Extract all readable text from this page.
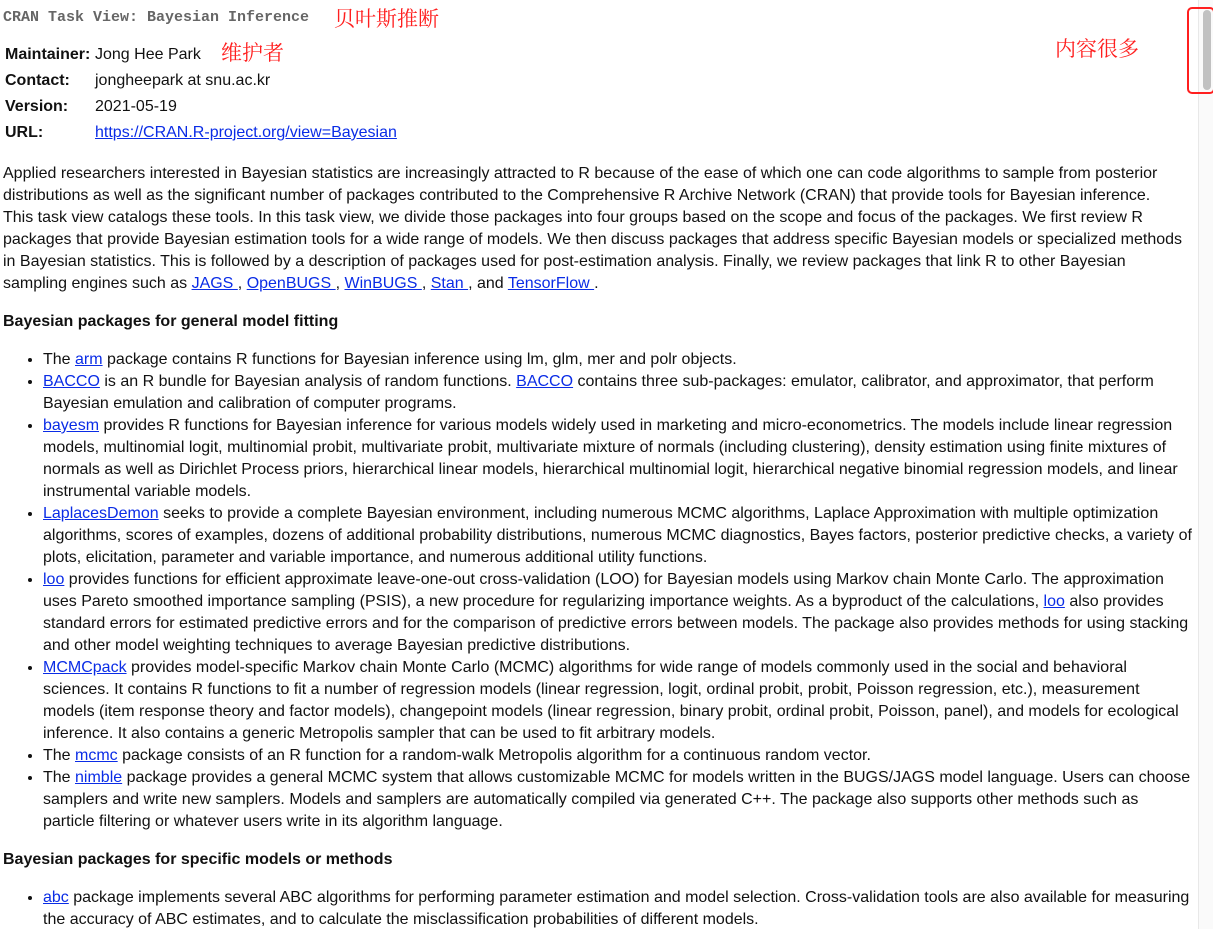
CRAN Task View: Bayesian Inference
Maintainer:	Jong Hee Park
Contact:	jongheepark at snu.ac.kr
Version:	2021-05-19
URL:	https://CRAN.R-project.org/view=Bayesian

Applied researchers interested in Bayesian statistics are increasingly attracted to R because of the ease of which one can code algorithms to sample from posterior distributions as well as the significant number of packages contributed to the Comprehensive R Archive Network (CRAN) that provide tools for Bayesian inference. This task view catalogs these tools. In this task view, we divide those packages into four groups based on the scope and focus of the packages. We first review R packages that provide Bayesian estimation tools for a wide range of models. We then discuss packages that address specific Bayesian models or specialized methods in Bayesian statistics. This is followed by a description of packages used for post-estimation analysis. Finally, we review packages that link R to other Bayesian sampling engines such as JAGS , OpenBUGS , WinBUGS , Stan , and TensorFlow .

Bayesian packages for general model fitting
• The arm package contains R functions for Bayesian inference using lm, glm, mer and polr objects.
• BACCO is an R bundle for Bayesian analysis of random functions. BACCO contains three sub-packages: emulator, calibrator, and approximator, that perform Bayesian emulation and calibration of computer programs.
• bayesm provides R functions for Bayesian inference for various models widely used in marketing and micro-econometrics. The models include linear regression models, multinomial logit, multinomial probit, multivariate probit, multivariate mixture of normals (including clustering), density estimation using finite mixtures of normals as well as Dirichlet Process priors, hierarchical linear models, hierarchical multinomial logit, hierarchical negative binomial regression models, and linear instrumental variable models.
• LaplacesDemon seeks to provide a complete Bayesian environment, including numerous MCMC algorithms, Laplace Approximation with multiple optimization algorithms, scores of examples, dozens of additional probability distributions, numerous MCMC diagnostics, Bayes factors, posterior predictive checks, a variety of plots, elicitation, parameter and variable importance, and numerous additional utility functions.
• loo provides functions for efficient approximate leave-one-out cross-validation (LOO) for Bayesian models using Markov chain Monte Carlo. The approximation uses Pareto smoothed importance sampling (PSIS), a new procedure for regularizing importance weights. As a byproduct of the calculations, loo also provides standard errors for estimated predictive errors and for the comparison of predictive errors between models. The package also provides methods for using stacking and other model weighting techniques to average Bayesian predictive distributions.
• MCMCpack provides model-specific Markov chain Monte Carlo (MCMC) algorithms for wide range of models commonly used in the social and behavioral sciences. It contains R functions to fit a number of regression models (linear regression, logit, ordinal probit, probit, Poisson regression, etc.), measurement models (item response theory and factor models), changepoint models (linear regression, binary probit, ordinal probit, Poisson, panel), and models for ecological inference. It also contains a generic Metropolis sampler that can be used to fit arbitrary models.
• The mcmc package consists of an R function for a random-walk Metropolis algorithm for a continuous random vector.
• The nimble package provides a general MCMC system that allows customizable MCMC for models written in the BUGS/JAGS model language. Users can choose samplers and write new samplers. Models and samplers are automatically compiled via generated C++. The package also supports other methods such as particle filtering or whatever users write in its algorithm language.
Bayesian packages for specific models or methods
• abc package implements several ABC algorithms for performing parameter estimation and model selection. Cross-validation tools are also available for measuring the accuracy of ABC estimates, and to calculate the misclassification probabilities of different models.
贝叶斯推断
维护者	内容很多
